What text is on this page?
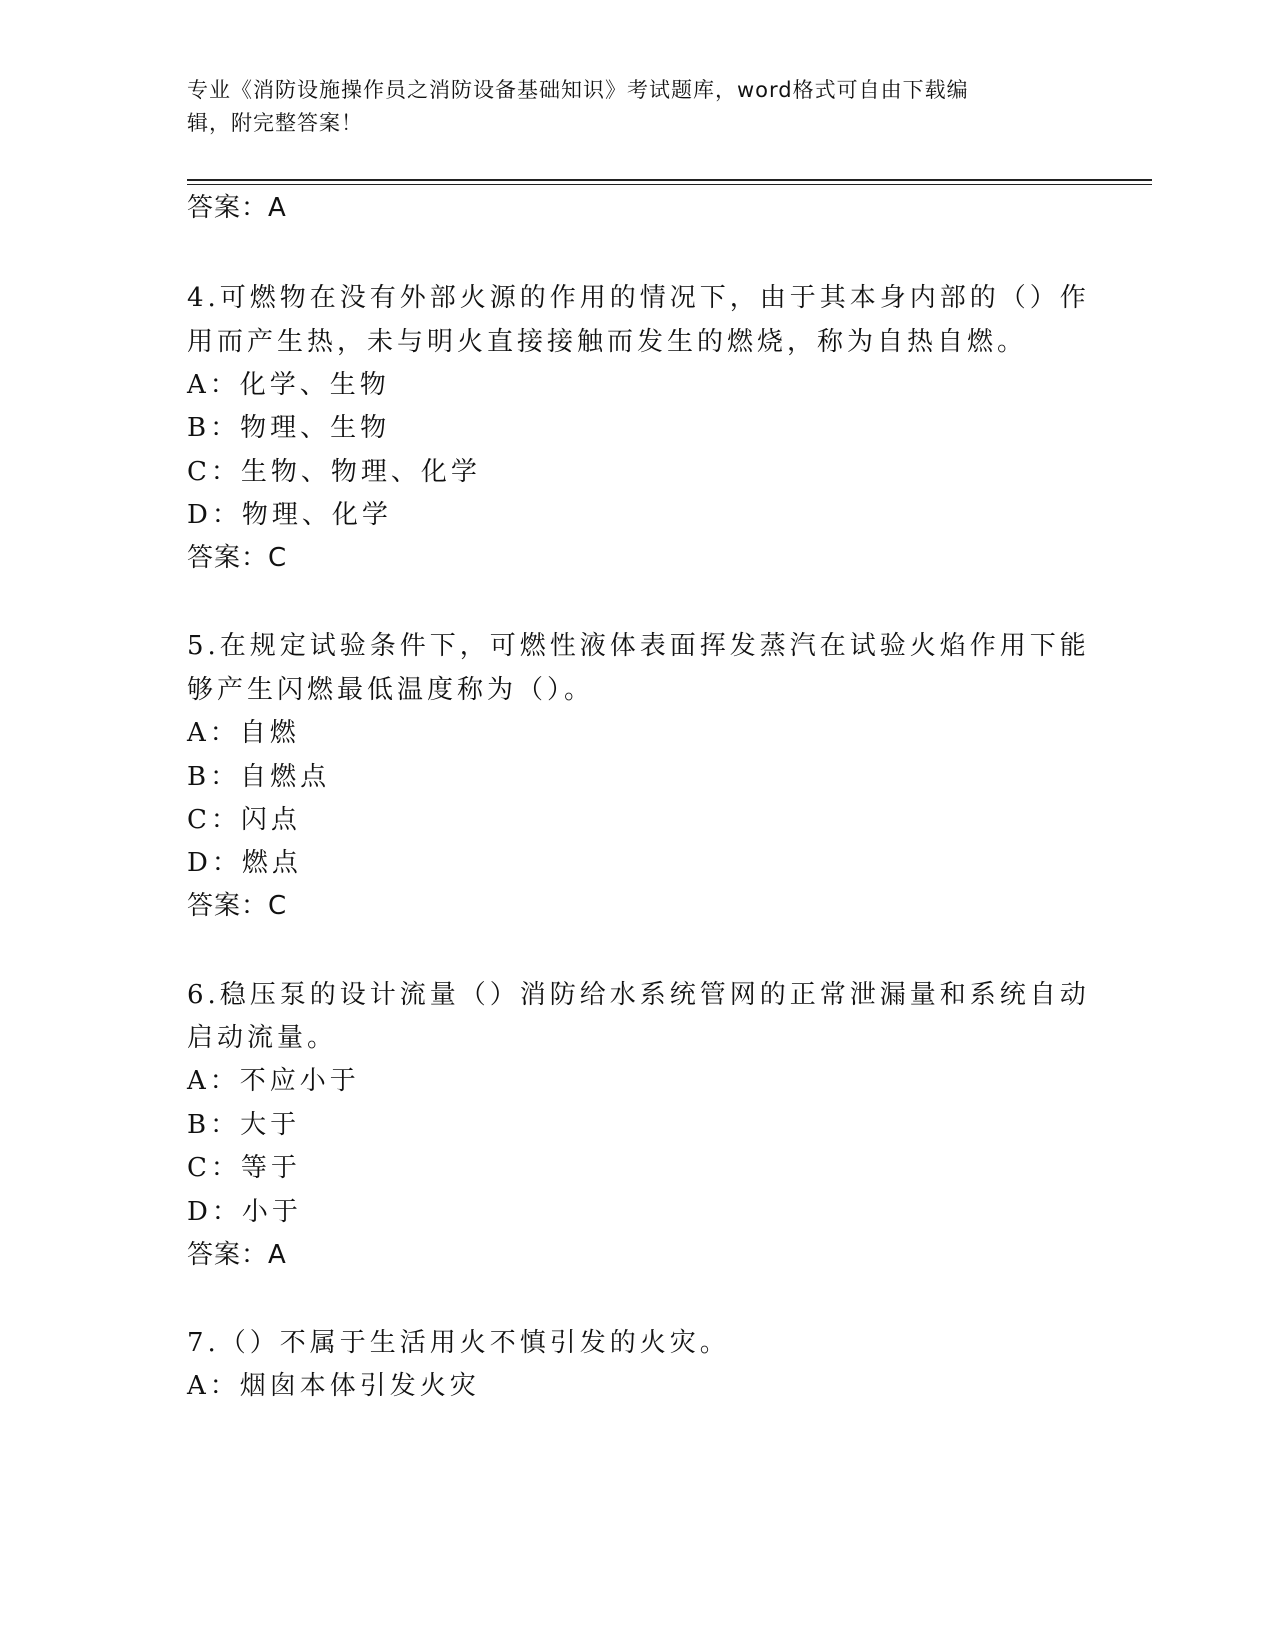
专业《消防设施操作员之消防设备基础知识》考试题库，word格式可自由下载编
辑，附完整答案！
答案：A
4.可燃物在没有外部火源的作用的情况下，由于其本身内部的（）作
用而产生热，未与明火直接接触而发生的燃烧，称为自热自燃。
A：化学、生物
B：物理、生物
C：生物、物理、化学
D：物理、化学
答案：C
5.在规定试验条件下，可燃性液体表面挥发蒸汽在试验火焰作用下能
够产生闪燃最低温度称为（）。
A：自燃
B：自燃点
C：闪点
D：燃点
答案：C
6.稳压泵的设计流量（）消防给水系统管网的正常泄漏量和系统自动
启动流量。
A：不应小于
B：大于
C：等于
D：小于
答案：A
7.（）不属于生活用火不慎引发的火灾。
A：烟囱本体引发火灾
